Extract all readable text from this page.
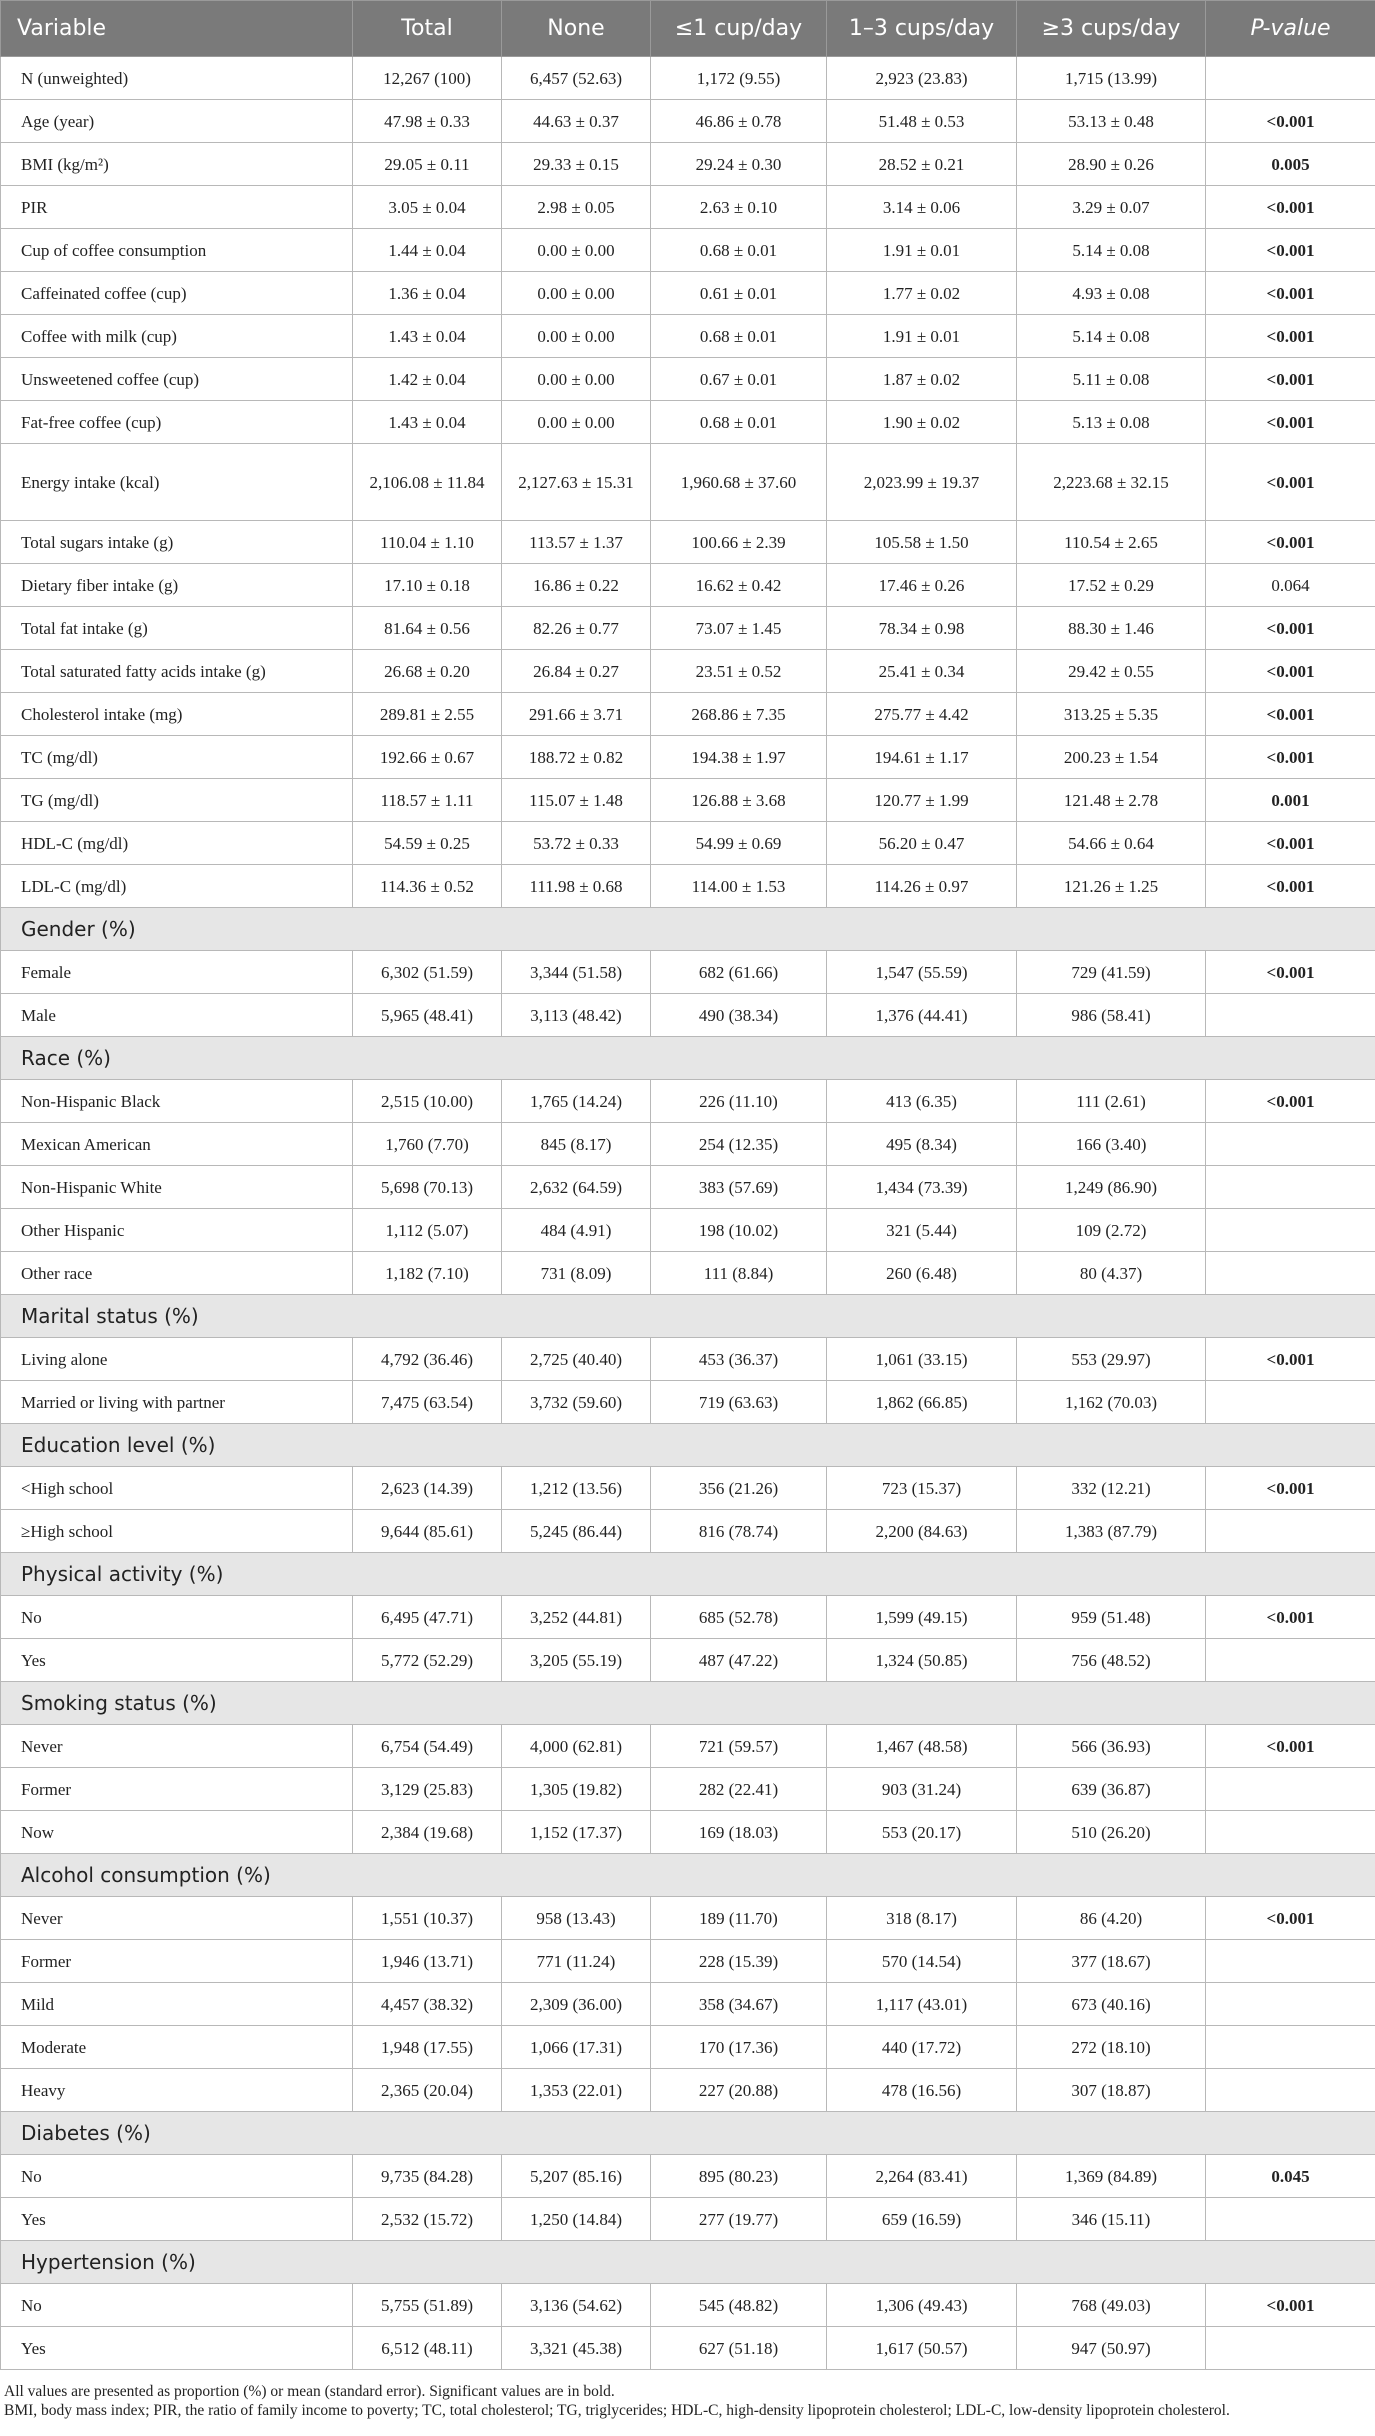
Variable	Total	None	≤1 cup/day	1–3 cups/day	≥3 cups/day	P-value
N (unweighted)	12,267 (100)	6,457 (52.63)	1,172 (9.55)	2,923 (23.83)	1,715 (13.99)	
Age (year)	47.98 ± 0.33	44.63 ± 0.37	46.86 ± 0.78	51.48 ± 0.53	53.13 ± 0.48	<0.001
BMI (kg/m²)	29.05 ± 0.11	29.33 ± 0.15	29.24 ± 0.30	28.52 ± 0.21	28.90 ± 0.26	0.005
PIR	3.05 ± 0.04	2.98 ± 0.05	2.63 ± 0.10	3.14 ± 0.06	3.29 ± 0.07	<0.001
Cup of coffee consumption	1.44 ± 0.04	0.00 ± 0.00	0.68 ± 0.01	1.91 ± 0.01	5.14 ± 0.08	<0.001
Caffeinated coffee (cup)	1.36 ± 0.04	0.00 ± 0.00	0.61 ± 0.01	1.77 ± 0.02	4.93 ± 0.08	<0.001
Coffee with milk (cup)	1.43 ± 0.04	0.00 ± 0.00	0.68 ± 0.01	1.91 ± 0.01	5.14 ± 0.08	<0.001
Unsweetened coffee (cup)	1.42 ± 0.04	0.00 ± 0.00	0.67 ± 0.01	1.87 ± 0.02	5.11 ± 0.08	<0.001
Fat-free coffee (cup)	1.43 ± 0.04	0.00 ± 0.00	0.68 ± 0.01	1.90 ± 0.02	5.13 ± 0.08	<0.001
Energy intake (kcal)	2,106.08 ± 11.84	2,127.63 ± 15.31	1,960.68 ± 37.60	2,023.99 ± 19.37	2,223.68 ± 32.15	<0.001
Total sugars intake (g)	110.04 ± 1.10	113.57 ± 1.37	100.66 ± 2.39	105.58 ± 1.50	110.54 ± 2.65	<0.001
Dietary fiber intake (g)	17.10 ± 0.18	16.86 ± 0.22	16.62 ± 0.42	17.46 ± 0.26	17.52 ± 0.29	0.064
Total fat intake (g)	81.64 ± 0.56	82.26 ± 0.77	73.07 ± 1.45	78.34 ± 0.98	88.30 ± 1.46	<0.001
Total saturated fatty acids intake (g)	26.68 ± 0.20	26.84 ± 0.27	23.51 ± 0.52	25.41 ± 0.34	29.42 ± 0.55	<0.001
Cholesterol intake (mg)	289.81 ± 2.55	291.66 ± 3.71	268.86 ± 7.35	275.77 ± 4.42	313.25 ± 5.35	<0.001
TC (mg/dl)	192.66 ± 0.67	188.72 ± 0.82	194.38 ± 1.97	194.61 ± 1.17	200.23 ± 1.54	<0.001
TG (mg/dl)	118.57 ± 1.11	115.07 ± 1.48	126.88 ± 3.68	120.77 ± 1.99	121.48 ± 2.78	0.001
HDL-C (mg/dl)	54.59 ± 0.25	53.72 ± 0.33	54.99 ± 0.69	56.20 ± 0.47	54.66 ± 0.64	<0.001
LDL-C (mg/dl)	114.36 ± 0.52	111.98 ± 0.68	114.00 ± 1.53	114.26 ± 0.97	121.26 ± 1.25	<0.001
Gender (%)						
Female	6,302 (51.59)	3,344 (51.58)	682 (61.66)	1,547 (55.59)	729 (41.59)	<0.001
Male	5,965 (48.41)	3,113 (48.42)	490 (38.34)	1,376 (44.41)	986 (58.41)	
Race (%)						
Non-Hispanic Black	2,515 (10.00)	1,765 (14.24)	226 (11.10)	413 (6.35)	111 (2.61)	<0.001
Mexican American	1,760 (7.70)	845 (8.17)	254 (12.35)	495 (8.34)	166 (3.40)	
Non-Hispanic White	5,698 (70.13)	2,632 (64.59)	383 (57.69)	1,434 (73.39)	1,249 (86.90)	
Other Hispanic	1,112 (5.07)	484 (4.91)	198 (10.02)	321 (5.44)	109 (2.72)	
Other race	1,182 (7.10)	731 (8.09)	111 (8.84)	260 (6.48)	80 (4.37)	
Marital status (%)						
Living alone	4,792 (36.46)	2,725 (40.40)	453 (36.37)	1,061 (33.15)	553 (29.97)	<0.001
Married or living with partner	7,475 (63.54)	3,732 (59.60)	719 (63.63)	1,862 (66.85)	1,162 (70.03)	
Education level (%)						
<High school	2,623 (14.39)	1,212 (13.56)	356 (21.26)	723 (15.37)	332 (12.21)	<0.001
≥High school	9,644 (85.61)	5,245 (86.44)	816 (78.74)	2,200 (84.63)	1,383 (87.79)	
Physical activity (%)						
No	6,495 (47.71)	3,252 (44.81)	685 (52.78)	1,599 (49.15)	959 (51.48)	<0.001
Yes	5,772 (52.29)	3,205 (55.19)	487 (47.22)	1,324 (50.85)	756 (48.52)	
Smoking status (%)						
Never	6,754 (54.49)	4,000 (62.81)	721 (59.57)	1,467 (48.58)	566 (36.93)	<0.001
Former	3,129 (25.83)	1,305 (19.82)	282 (22.41)	903 (31.24)	639 (36.87)	
Now	2,384 (19.68)	1,152 (17.37)	169 (18.03)	553 (20.17)	510 (26.20)	
Alcohol consumption (%)						
Never	1,551 (10.37)	958 (13.43)	189 (11.70)	318 (8.17)	86 (4.20)	<0.001
Former	1,946 (13.71)	771 (11.24)	228 (15.39)	570 (14.54)	377 (18.67)	
Mild	4,457 (38.32)	2,309 (36.00)	358 (34.67)	1,117 (43.01)	673 (40.16)	
Moderate	1,948 (17.55)	1,066 (17.31)	170 (17.36)	440 (17.72)	272 (18.10)	
Heavy	2,365 (20.04)	1,353 (22.01)	227 (20.88)	478 (16.56)	307 (18.87)	
Diabetes (%)						
No	9,735 (84.28)	5,207 (85.16)	895 (80.23)	2,264 (83.41)	1,369 (84.89)	0.045
Yes	2,532 (15.72)	1,250 (14.84)	277 (19.77)	659 (16.59)	346 (15.11)	
Hypertension (%)						
No	5,755 (51.89)	3,136 (54.62)	545 (48.82)	1,306 (49.43)	768 (49.03)	<0.001
Yes	6,512 (48.11)	3,321 (45.38)	627 (51.18)	1,617 (50.57)	947 (50.97)	

All values are presented as proportion (%) or mean (standard error). Significant values are in bold.

BMI, body mass index; PIR, the ratio of family income to poverty; TC, total cholesterol; TG, triglycerides; HDL-C, high-density lipoprotein cholesterol; LDL-C, low-density lipoprotein cholesterol.
